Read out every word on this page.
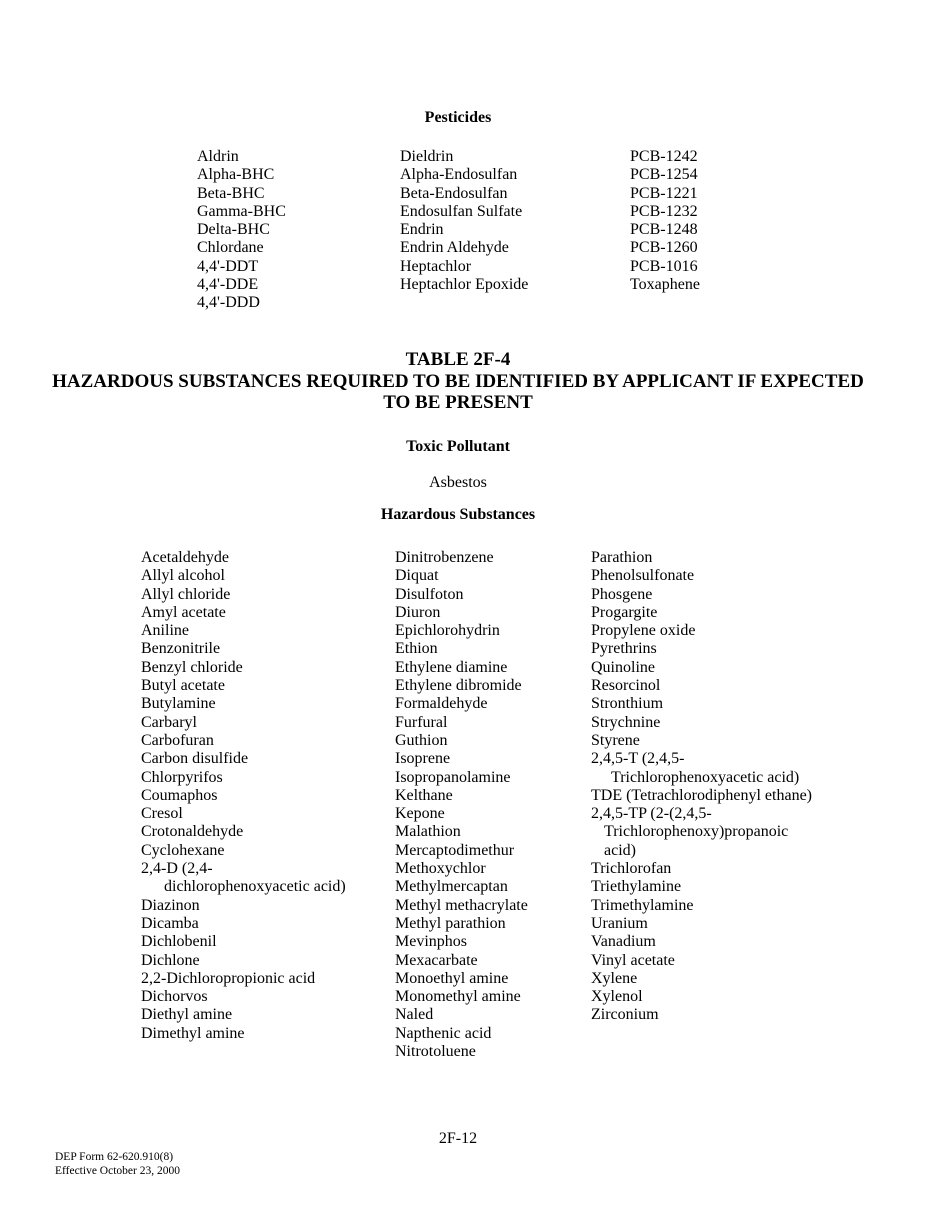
Pesticides
Aldrin
Alpha-BHC
Beta-BHC
Gamma-BHC
Delta-BHC
Chlordane
4,4'-DDT
4,4'-DDE
4,4'-DDD
Dieldrin
Alpha-Endosulfan
Beta-Endosulfan
Endosulfan Sulfate
Endrin
Endrin Aldehyde
Heptachlor
Heptachlor Epoxide
PCB-1242
PCB-1254
PCB-1221
PCB-1232
PCB-1248
PCB-1260
PCB-1016
Toxaphene
TABLE 2F-4
HAZARDOUS SUBSTANCES REQUIRED TO BE IDENTIFIED BY APPLICANT IF EXPECTED
TO BE PRESENT
Toxic Pollutant
Asbestos
Hazardous Substances
Acetaldehyde
Allyl alcohol
Allyl chloride
Amyl acetate
Aniline
Benzonitrile
Benzyl chloride
Butyl acetate
Butylamine
Carbaryl
Carbofuran
Carbon disulfide
Chlorpyrifos
Coumaphos
Cresol
Crotonaldehyde
Cyclohexane
2,4-D (2,4-
dichlorophenoxyacetic acid)
Diazinon
Dicamba
Dichlobenil
Dichlone
2,2-Dichloropropionic acid
Dichorvos
Diethyl amine
Dimethyl amine
Dinitrobenzene
Diquat
Disulfoton
Diuron
Epichlorohydrin
Ethion
Ethylene diamine
Ethylene dibromide
Formaldehyde
Furfural
Guthion
Isoprene
Isopropanolamine
Kelthane
Kepone
Malathion
Mercaptodimethur
Methoxychlor
Methylmercaptan
Methyl methacrylate
Methyl parathion
Mevinphos
Mexacarbate
Monoethyl amine
Monomethyl amine
Naled
Napthenic acid
Nitrotoluene
Parathion
Phenolsulfonate
Phosgene
Progargite
Propylene oxide
Pyrethrins
Quinoline
Resorcinol
Stronthium
Strychnine
Styrene
2,4,5-T (2,4,5-
Trichlorophenoxyacetic acid)
TDE (Tetrachlorodiphenyl ethane)
2,4,5-TP (2-(2,4,5-
Trichlorophenoxy)propanoic
acid)
Trichlorofan
Triethylamine
Trimethylamine
Uranium
Vanadium
Vinyl acetate
Xylene
Xylenol
Zirconium
2F-12
DEP Form 62-620.910(8)
Effective October 23, 2000
